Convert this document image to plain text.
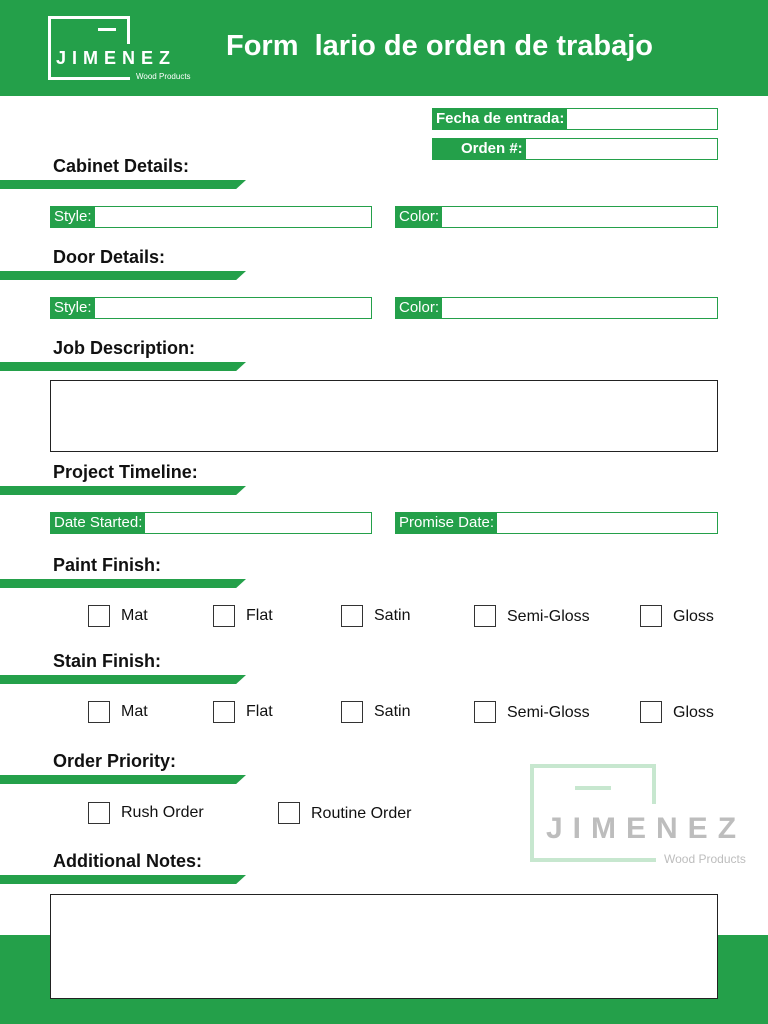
JIMENEZ
Wood Products
Form  lario de orden de trabajo
Fecha de entrada:
Orden #:
Cabinet Details:
Style:	Color:
Door Details:
Style:	Color:
Job Description:
Project Timeline:
Date Started:	Promise Date:
Paint Finish:
Mat	Flat	Satin	Semi-Gloss	Gloss
Stain Finish:
Mat	Flat	Satin	Semi-Gloss	Gloss
JIMENEZ
Wood Products
Order Priority:
Rush Order	Routine Order
Additional Notes:
